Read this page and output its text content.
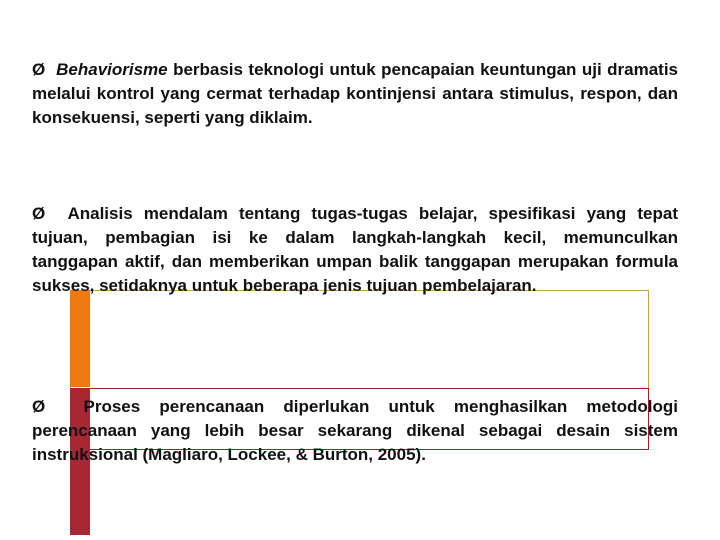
Ø Behaviorisme berbasis teknologi untuk pencapaian keuntungan uji dramatis melalui kontrol yang cermat terhadap kontinjensi antara stimulus, respon, dan konsekuensi, seperti yang diklaim.

Ø Analisis mendalam tentang tugas-tugas belajar, spesifikasi yang tepat tujuan, pembagian isi ke dalam langkah-langkah kecil, memunculkan tanggapan aktif, dan memberikan umpan balik tanggapan merupakan formula sukses, setidaknya untuk beberapa jenis tujuan pembelajaran.

Ø Proses perencanaan diperlukan untuk menghasilkan metodologi perencanaan yang lebih besar sekarang dikenal sebagai desain sistem instruksional (Magliaro, Lockee, & Burton, 2005).
